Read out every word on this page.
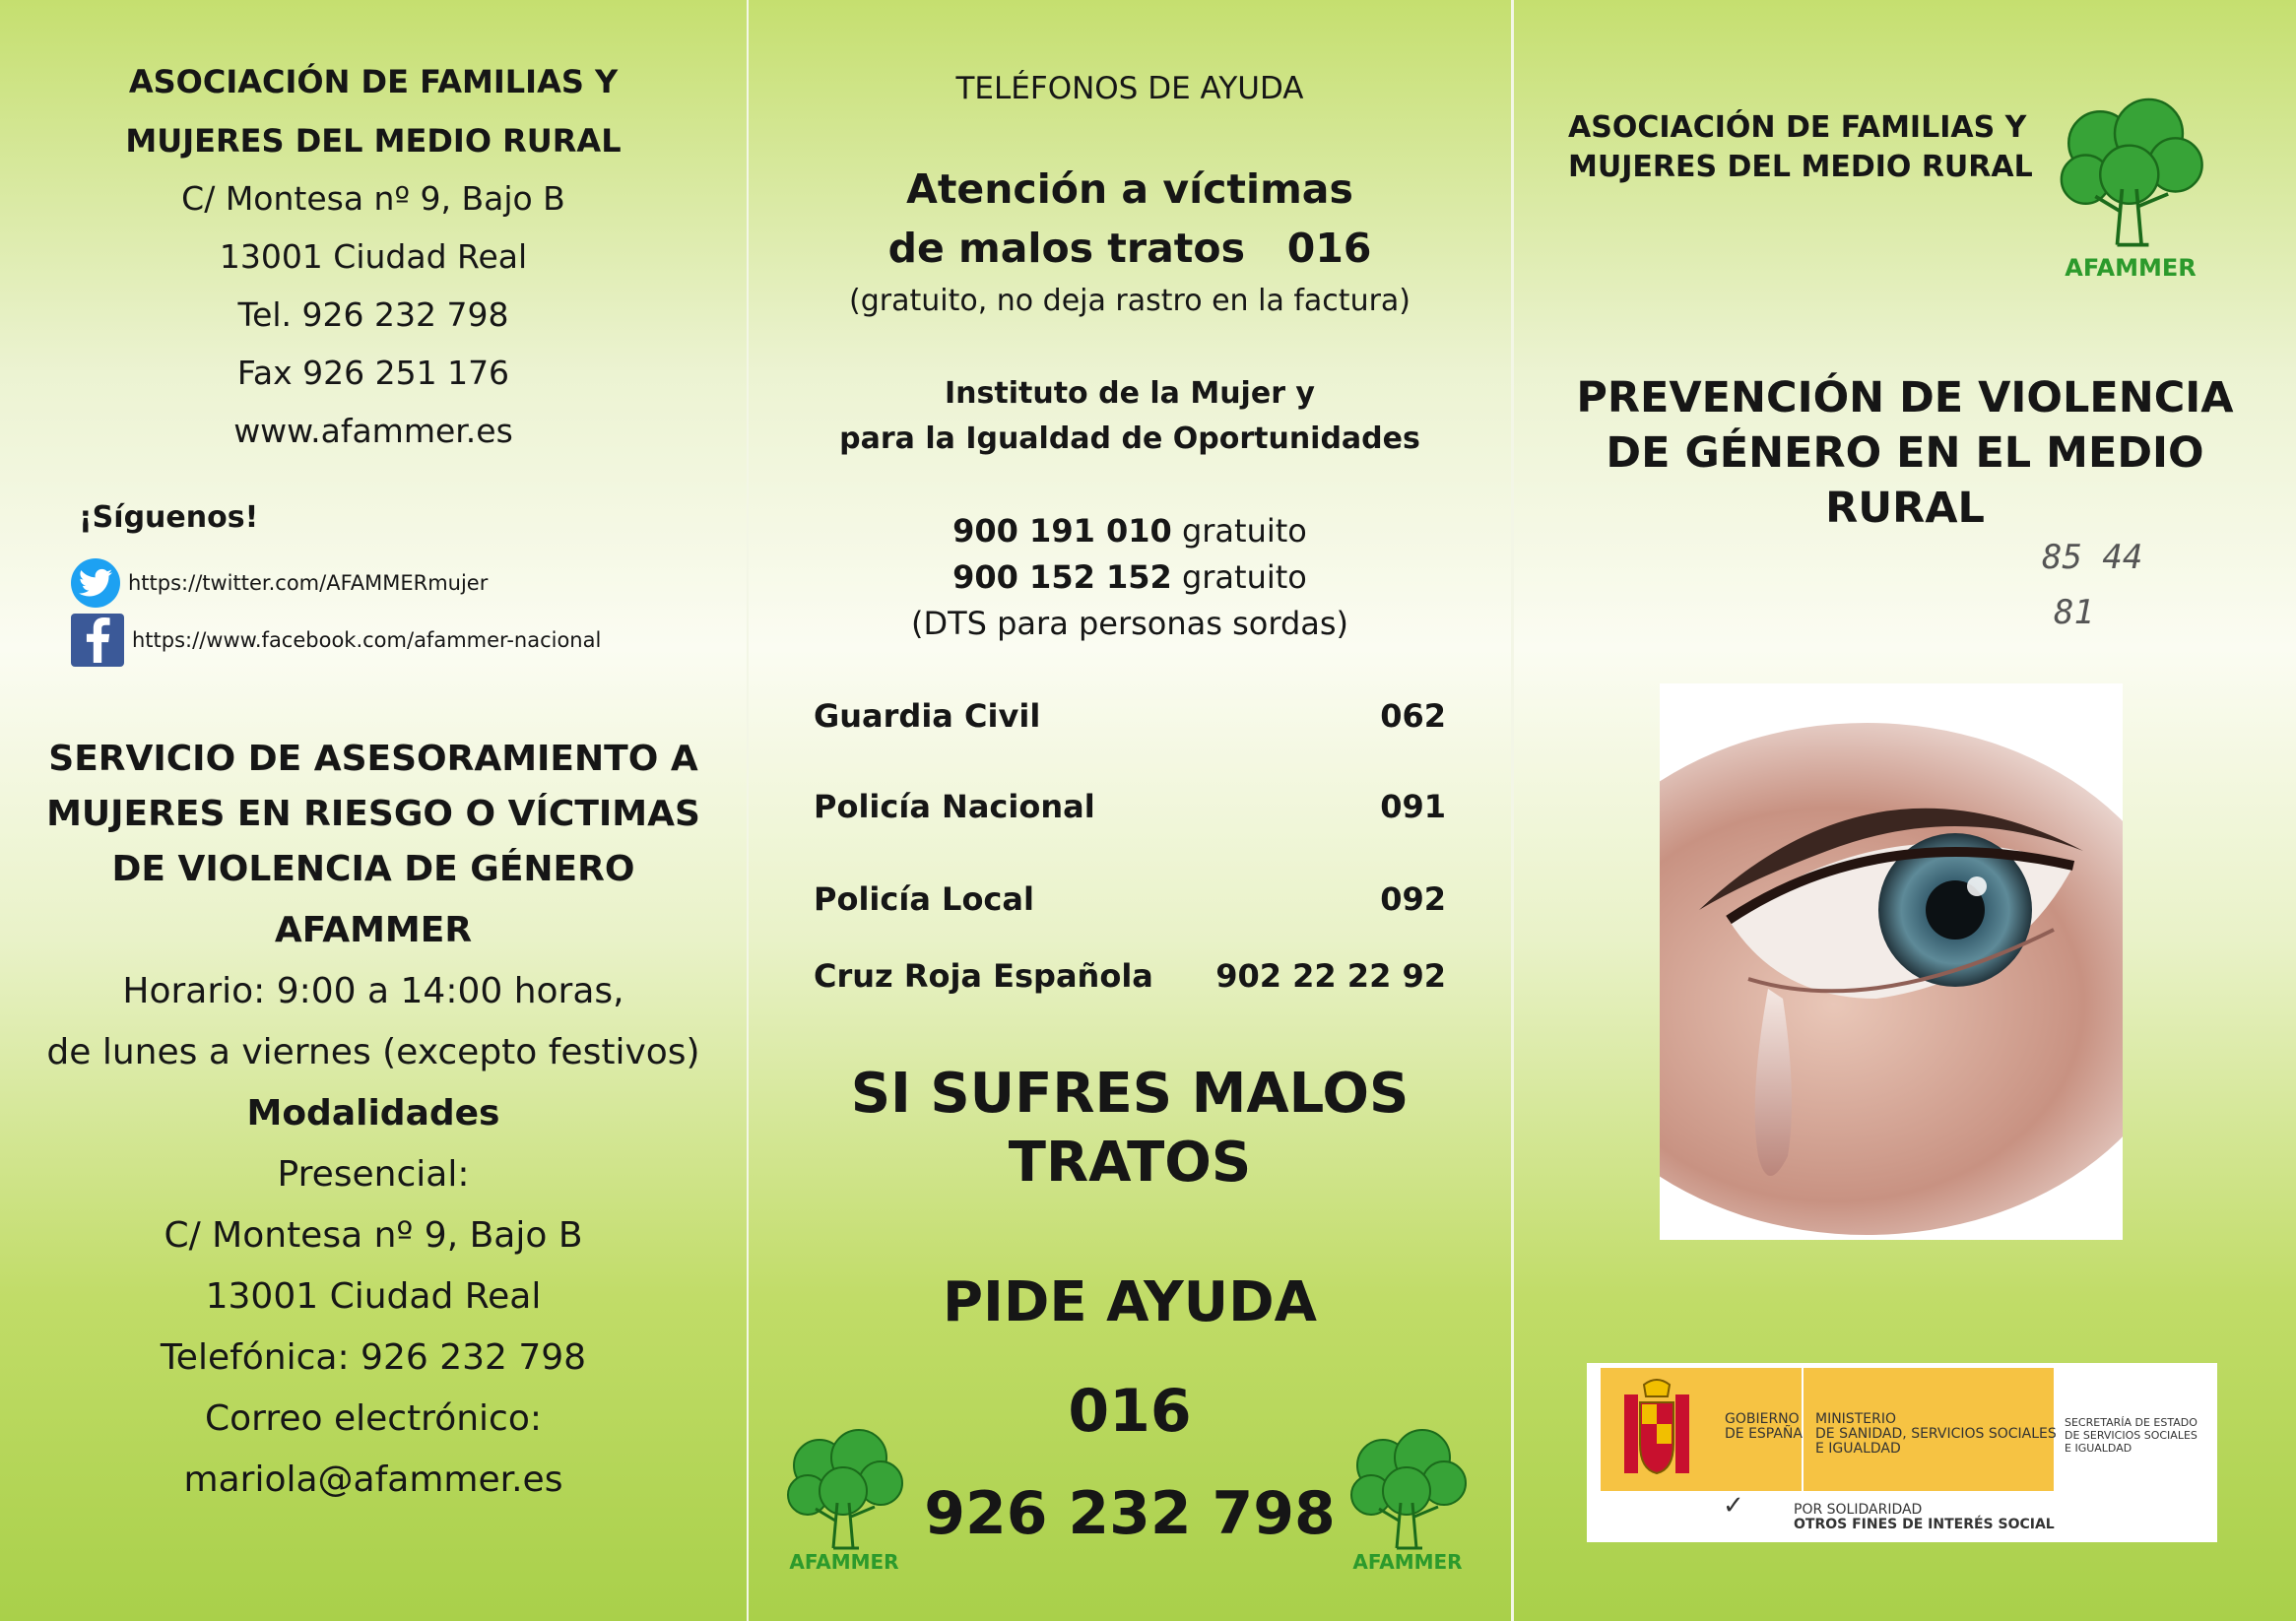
ASOCIACIÓN DE FAMILIAS Y

MUJERES DEL MEDIO RURAL

C/ Montesa nº 9, Bajo B

13001 Ciudad Real

Tel. 926 232 798

Fax 926 251 176

www.afammer.es

¡Síguenos!
https://twitter.com/AFAMMERmujer
https://www.facebook.com/afammer-nacional

SERVICIO DE ASESORAMIENTO A

MUJERES EN RIESGO O VÍCTIMAS

DE VIOLENCIA DE GÉNERO

AFAMMER

Horario: 9:00 a 14:00 horas,

de lunes a viernes (excepto festivos)

Modalidades

Presencial:

C/ Montesa nº 9, Bajo B

13001 Ciudad Real

Telefónica: 926 232 798

Correo electrónico:

mariola@afammer.es

TELÉFONOS DE AYUDA

Atención a víctimas

de malos tratos 016

(gratuito, no deja rastro en la factura)

Instituto de la Mujer y

para la Igualdad de Oportunidades

900 191 010 gratuito

900 152 152 gratuito

(DTS para personas sordas)

Guardia Civil	062
Policía Nacional	091
Policía Local	092
Cruz Roja Española 902 22 22 92

SI SUFRES MALOS

TRATOS

PIDE AYUDA

016

926 232 798

AFAMMER	AFAMMER
ASOCIACIÓN DE FAMILIAS Y
MUJERES DEL MEDIO RURAL
AFAMMER

PREVENCIÓN DE VIOLENCIA

DE GÉNERO EN EL MEDIO

RURAL

85 44
81
GOBIERNO
DE ESPAÑA
MINISTERIO
DE SANIDAD, SERVICIOS SOCIALES
E IGUALDAD
SECRETARÍA DE ESTADO
DE SERVICIOS SOCIALES
E IGUALDAD
✓	POR SOLIDARIDAD
OTROS FINES DE INTERÉS SOCIAL
